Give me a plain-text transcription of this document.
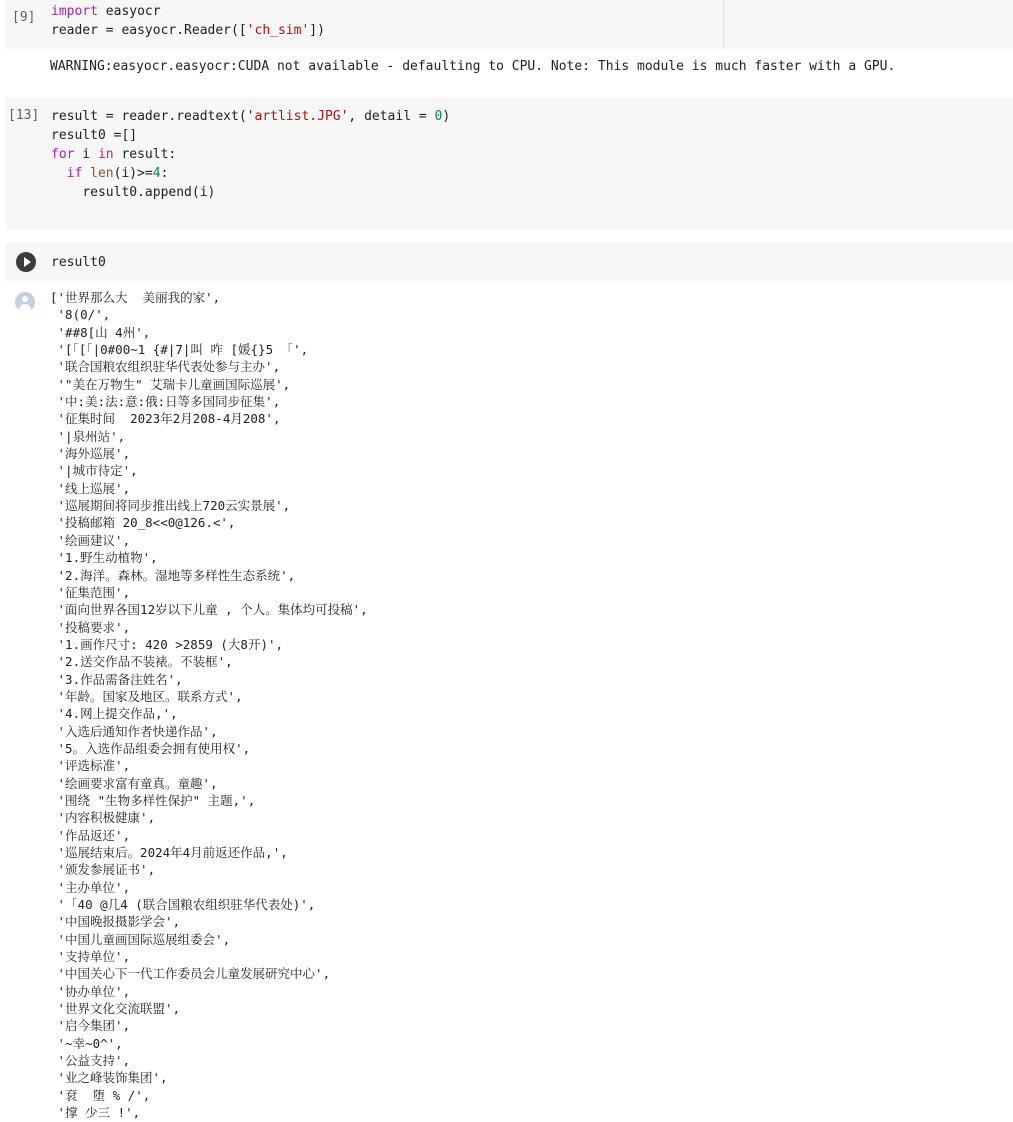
[9]	import easyocr
reader = easyocr.Reader(['ch_sim'])
WARNING:easyocr.easyocr:CUDA not available - defaulting to CPU. Note: This module is much faster with a GPU.
[13] result = reader.readtext('artlist.JPG', detail = 0)
result0 =[]
for i in result:
if len(i)>=4:
result0.append(i)
result0
['世界那么大  美丽我的家',
'8(0/',
'##8[山 4州',
'[「[「|0#00~1 {#|7|叫 咋 [媛{}5 「',
'联合国粮农组织驻华代表处参与主办',
'"美在万物生" 艾瑞卡儿童画国际巡展',
'中:美:法:意:俄:日等多国同步征集',
'征集时间  2023年2月208-4月208',
'|泉州站',
'海外巡展',
'|城市待定',
'线上巡展',
'巡展期间将同步推出线上720云实景展',
'投稿邮箱 20_8<<0@126.<',
'绘画建议',
'1.野生动植物',
'2.海洋。森林。湿地等多样性生态系统',
'征集范围',
'面向世界各国12岁以下儿童 , 个人。集体均可投稿',
'投稿要求',
'1.画作尺寸: 420 >2859 (大8开)',
'2.送交作品不装裱。不装框',
'3.作品需备注姓名',
'年龄。国家及地区。联系方式',
'4.网上提交作品,',
'入选后通知作者快递作品',
'5。入选作品组委会拥有使用权',
'评选标准',
'绘画要求富有童真。童趣',
'围绕 "生物多样性保护" 主题,',
'内容积极健康',
'作品返还',
'巡展结束后。2024年4月前返还作品,',
'颁发参展证书',
'主办单位',
'「40 @几4 (联合国粮农组织驻华代表处)',
'中国晚报摄影学会',
'中国儿童画国际巡展组委会',
'支持单位',
'中国关心下一代工作委员会儿童发展研究中心',
'协办单位',
'世界文化交流联盟',
'启今集团',
'~幸~0^',
'公益支持',
'业之峰装饰集团',
'袞  堕 % /',
'撑 少三 !',
